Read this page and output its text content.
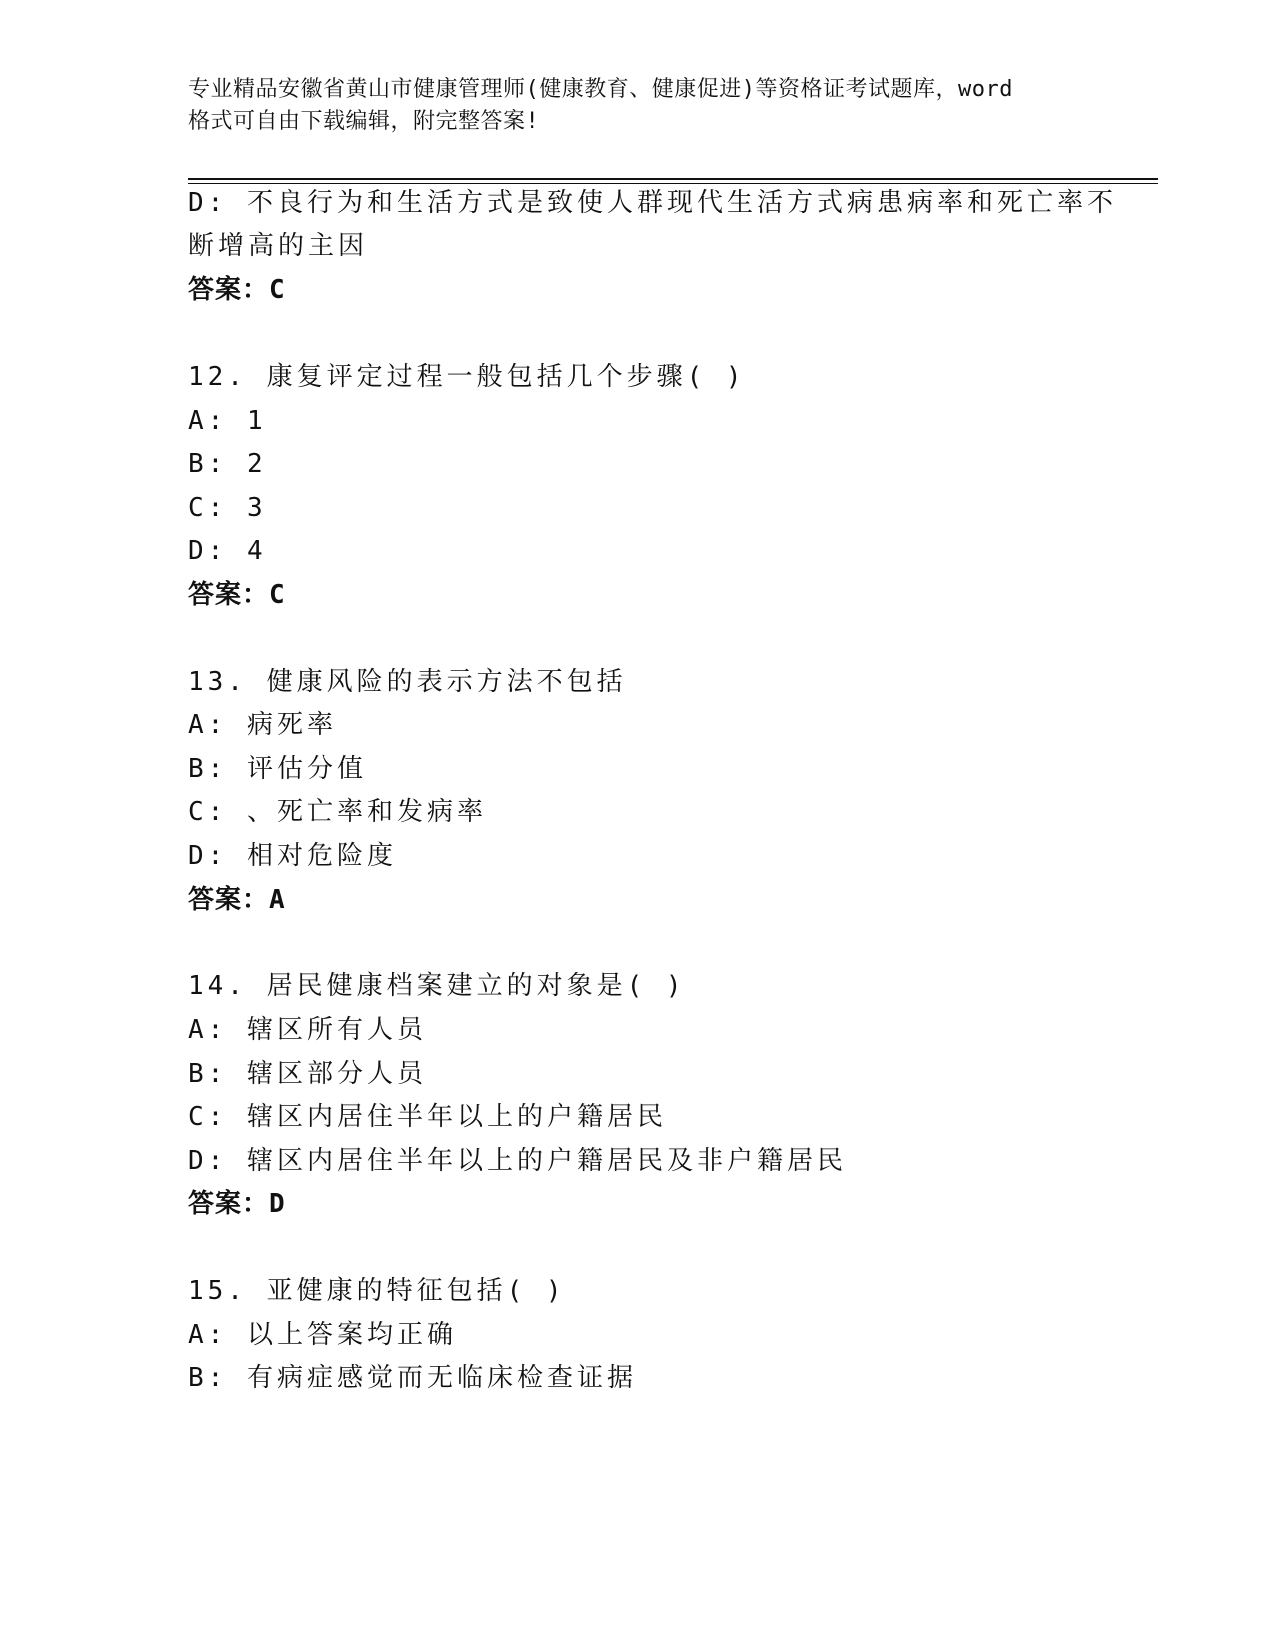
专业精品安徽省黄山市健康管理师(健康教育、健康促进)等资格证考试题库，word
格式可自由下载编辑，附完整答案!
D: 不良行为和生活方式是致使人群现代生活方式病患病率和死亡率不
断增高的主因
答案：C
12. 康复评定过程一般包括几个步骤( )
A: 1
B: 2
C: 3
D: 4
答案：C
13. 健康风险的表示方法不包括
A: 病死率
B: 评估分值
C: 、死亡率和发病率
D: 相对危险度
答案：A
14. 居民健康档案建立的对象是( )
A: 辖区所有人员
B: 辖区部分人员
C: 辖区内居住半年以上的户籍居民
D: 辖区内居住半年以上的户籍居民及非户籍居民
答案：D
15. 亚健康的特征包括( )
A: 以上答案均正确
B: 有病症感觉而无临床检查证据
